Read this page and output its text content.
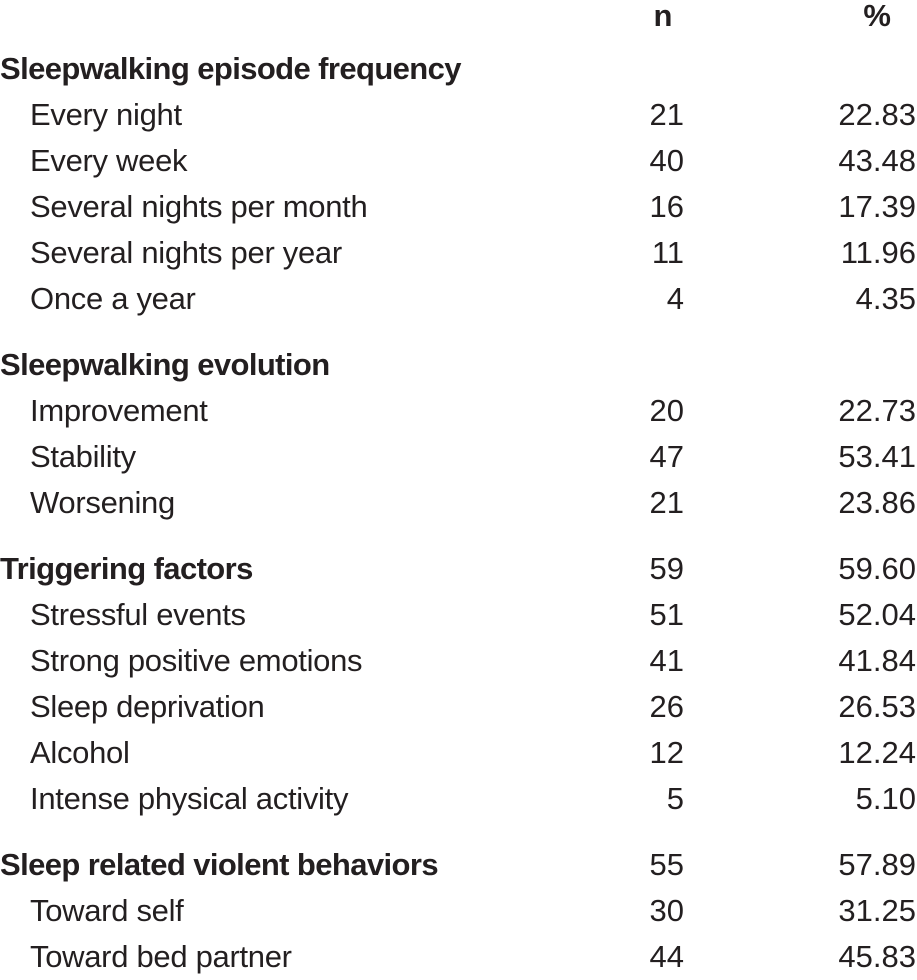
n	%
Sleepwalking episode frequency
Every night	21	22.83
Every week	40	43.48
Several nights per month	16	17.39
Several nights per year	11	11.96
Once a year	4	4.35
Sleepwalking evolution
Improvement	20	22.73
Stability	47	53.41
Worsening	21	23.86
Triggering factors	59	59.60
Stressful events	51	52.04
Strong positive emotions	41	41.84
Sleep deprivation	26	26.53
Alcohol	12	12.24
Intense physical activity	5	5.10
Sleep related violent behaviors	55	57.89
Toward self	30	31.25
Toward bed partner	44	45.83
